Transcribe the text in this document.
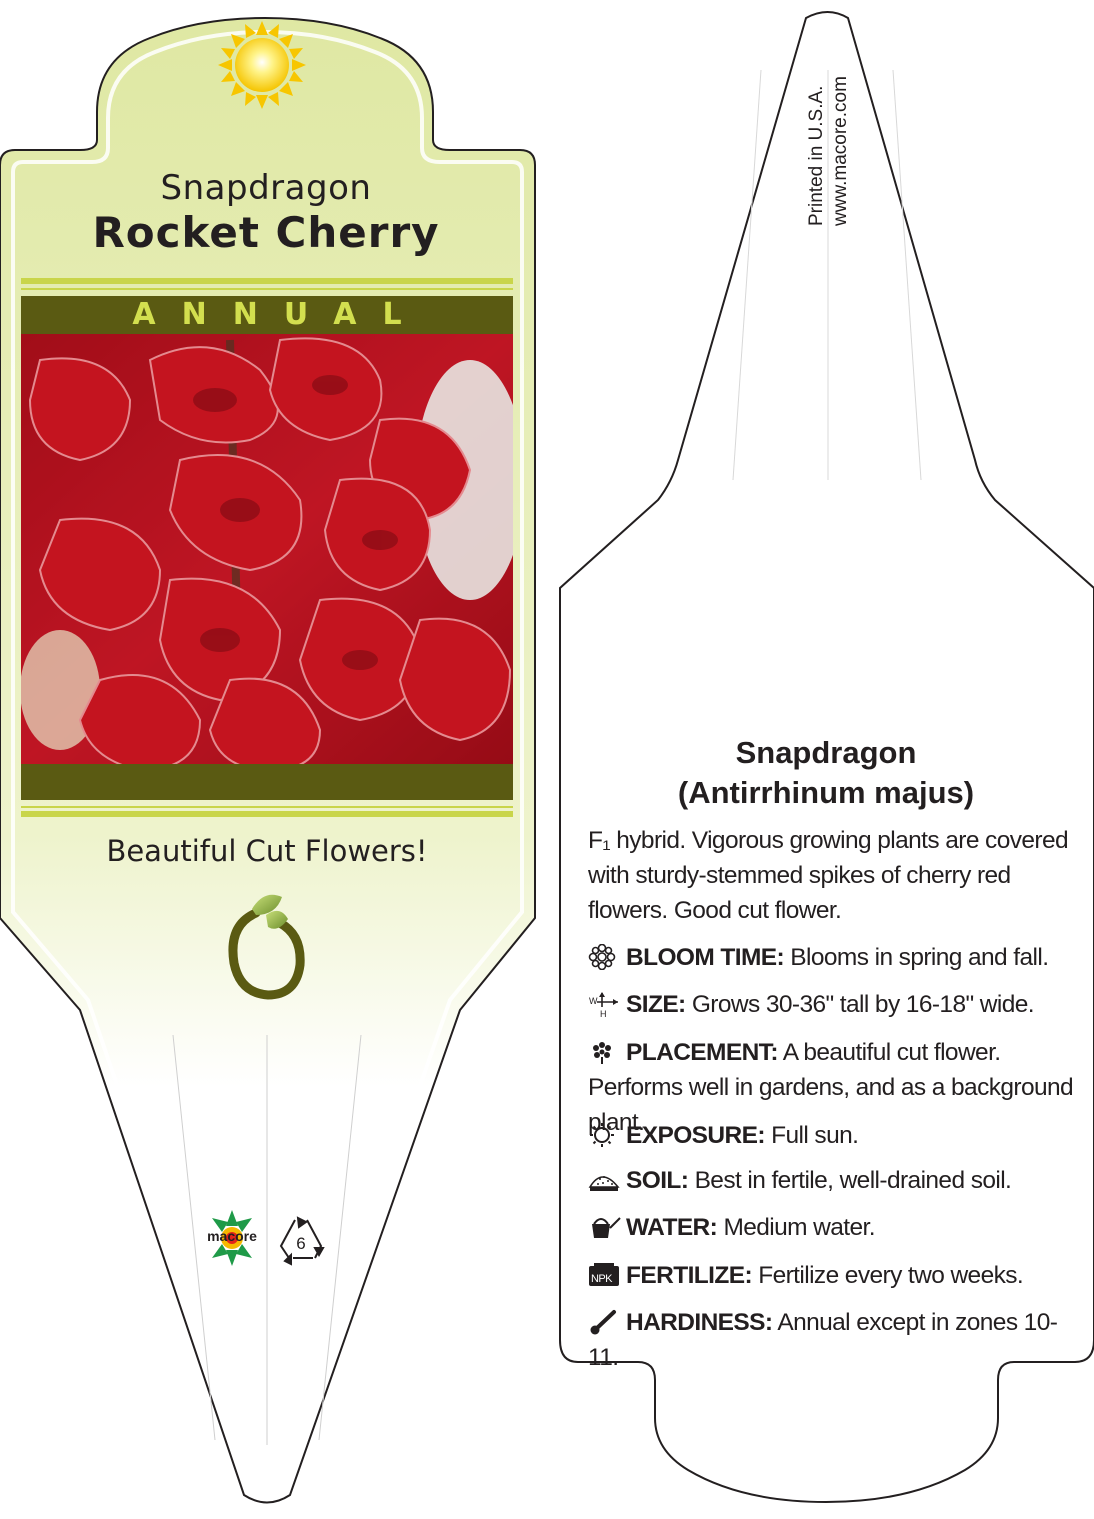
Snapdragon
Rocket Cherry
ANNUAL
Beautiful Cut Flowers!
macore	6
Printed in U.S.A. www.macore.com
Snapdragon
(Antirrhinum majus)
F₁ hybrid. Vigorous growing plants are covered with sturdy-stemmed spikes of cherry red flowers. Good cut flower.
BLOOM TIME: Blooms in spring and fall.
W
H SIZE: Grows 30-36" tall by 16-18" wide.
PLACEMENT: A beautiful cut flower. Performs well in gardens, and as a background plant.
EXPOSURE: Full sun.
SOIL: Best in fertile, well-drained soil.
WATER: Medium water.
NPK FERTILIZE: Fertilize every two weeks.
HARDINESS: Annual except in zones 10-11.
